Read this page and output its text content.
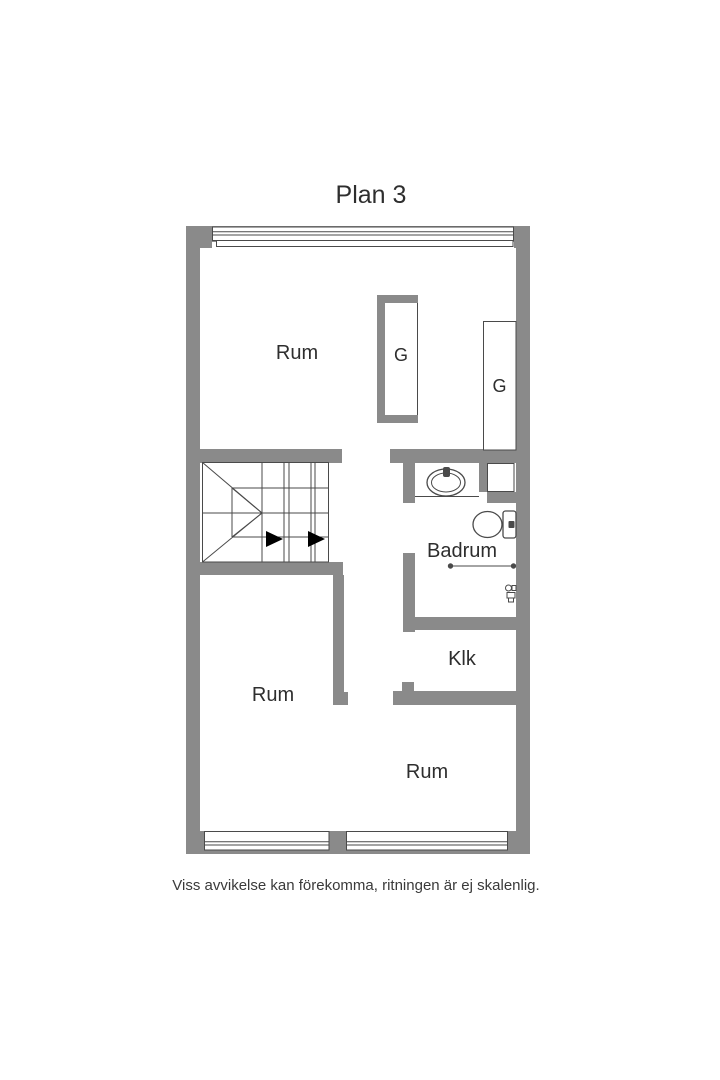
Plan 3
Rum	G
G
Badrum
Klk
Rum
Rum
Viss avvikelse kan förekomma, ritningen är ej skalenlig.
